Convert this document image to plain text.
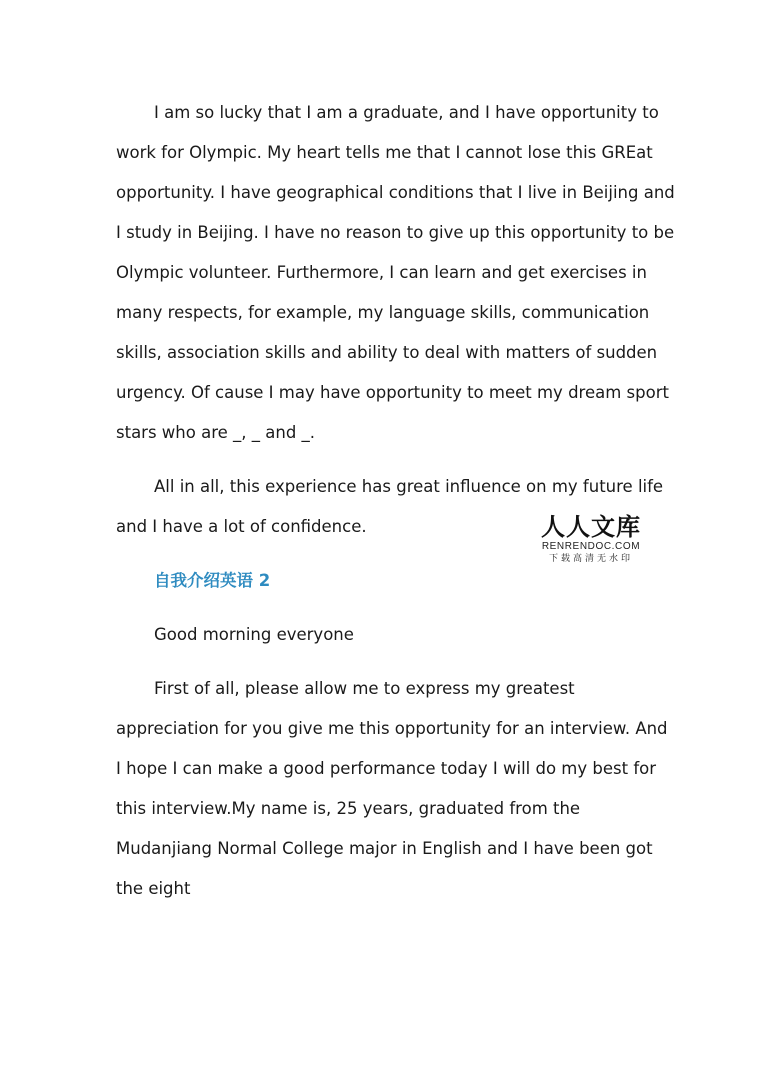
I am so lucky that I am a graduate, and I have opportunity to
work for Olympic. My heart tells me that I cannot lose this GREat
opportunity. I have geographical conditions that I live in Beijing and
I study in Beijing. I have no reason to give up this opportunity to be
Olympic volunteer. Furthermore, I can learn and get exercises in
many respects, for example, my language skills, communication
skills, association skills and ability to deal with matters of sudden
urgency. Of cause I may have opportunity to meet my dream sport
stars who are _, _ and _.

All in all, this experience has great influence on my future life
and I have a lot of confidence.

自我介绍英语 2

Good morning everyone

First of all, please allow me to express my greatest
appreciation for you give me this opportunity for an interview. And
I hope I can make a good performance today I will do my best for
this interview.My name is, 25 years, graduated from the
Mudanjiang Normal College major in English and I have been got
the eight

人人文库
RENRENDOC.COM
下载高清无水印
